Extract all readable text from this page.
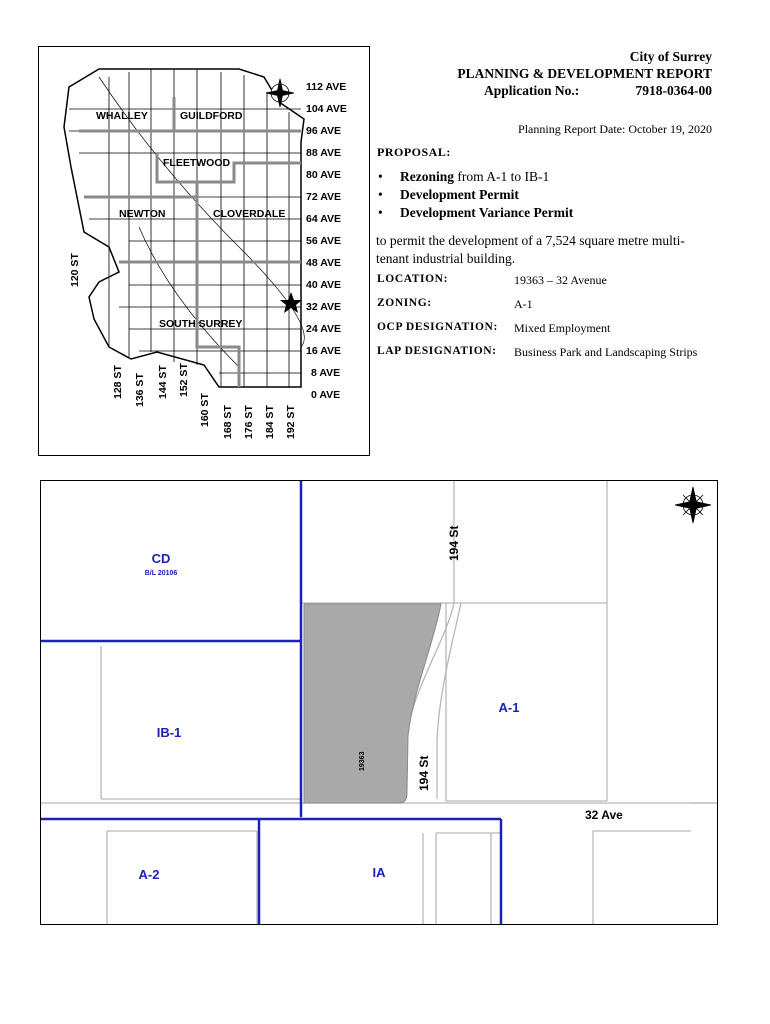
WHALLEY	GUILDFORD
FLEETWOOD
NEWTON	CLOVERDALE
SOUTH SURREY
112 AVE
104 AVE
96 AVE
88 AVE
80 AVE
72 AVE
64 AVE
56 AVE
48 AVE
40 AVE
32 AVE
24 AVE
16 AVE
8 AVE
0 AVE
120 ST
128 ST 136 ST 144 ST 152 ST
160 ST 168 ST 176 ST 184 ST 192 ST
City of Surrey
PLANNING & DEVELOPMENT REPORT
Application No.:	7918-0364-00
Planning Report Date: October 19, 2020
PROPOSAL:
• Rezoning from A-1 to IB-1
• Development Permit
• Development Variance Permit
to permit the development of a 7,524 square metre multi-tenant industrial building.
LOCATION:	19363 – 32 Avenue
ZONING:	A-1
OCP DESIGNATION: Mixed Employment
LAP DESIGNATION: Business Park and Landscaping Strips
CD
B/L 20106
IB-1
A-1
A-2	IA
194 St
194 St
32 Ave
19363
